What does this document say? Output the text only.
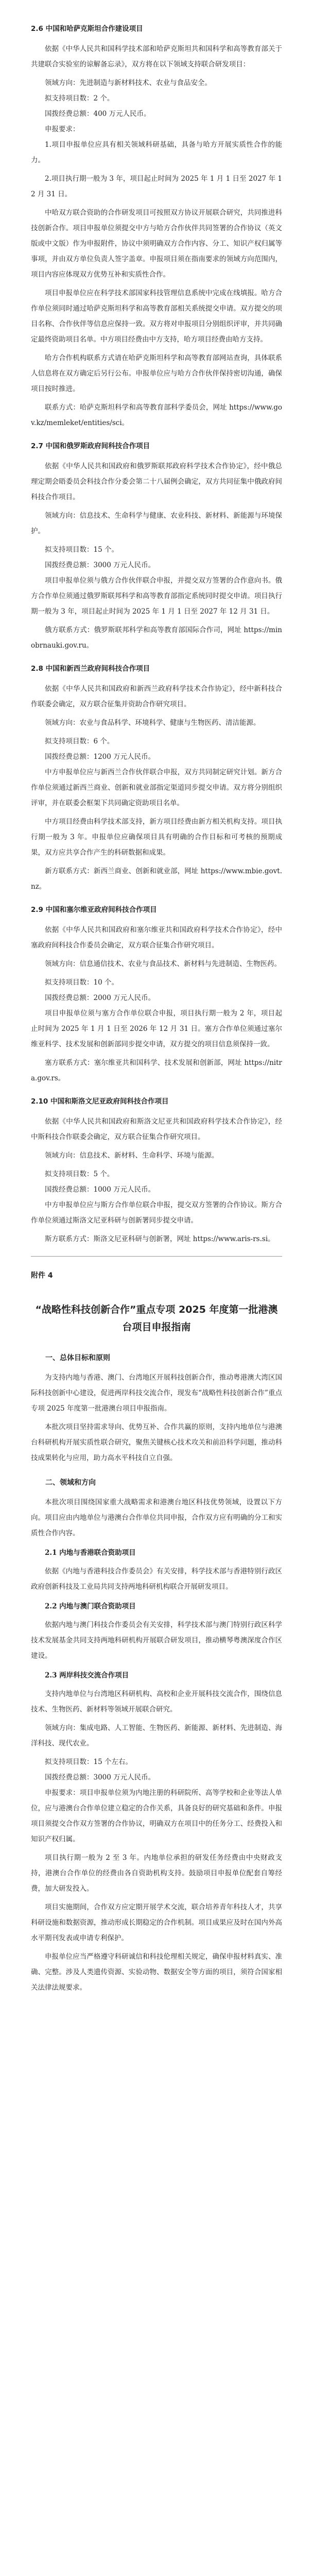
2.6 中国和哈萨克斯坦合作建设项目

依据《中华人民共和国科学技术部和哈萨克斯坦共和国科学和高等教育部关于共建联合实验室的谅解备忘录》，双方将在以下领域支持联合研发项目：

领域方向：先进制造与新材料技术、农业与食品安全。

拟支持项目数：2 个。

国拨经费总额：400 万元人民币。

申报要求：

1.项目申报单位应具有相关领域科研基础，具备与哈方开展实质性合作的能力。

2.项目执行期一般为 3 年，项目起止时间为 2025 年 1 月 1 日至 2027 年 12 月 31 日。

中哈双方联合资助的合作研发项目可按照双方协议开展联合研究，共同推进科技创新合作。项目申报单位须提交中方与哈方合作伙伴共同签署的合作协议（英文版或中文版）作为申报附件，协议中须明确双方合作内容、分工、知识产权归属等事项，并由双方单位负责人签字盖章。申报项目须在指南要求的领域方向范围内，项目内容应体现双方优势互补和实质性合作。

项目申报单位应在科学技术部国家科技管理信息系统中完成在线填报。哈方合作单位须同时通过哈萨克斯坦科学和高等教育部相关系统提交申请。双方提交的项目名称、合作伙伴等信息应保持一致。双方将对申报项目分别组织评审，并共同确定最终资助项目名单。中方项目经费由中方支持，哈方项目经费由哈方支持。

哈方合作机构联系方式请在哈萨克斯坦科学和高等教育部网站查询，具体联系人信息将在双方确定后另行公布。申报单位应与哈方合作伙伴保持密切沟通，确保项目按时推进。

联系方式：哈萨克斯坦科学和高等教育部科学委员会，网址 https://www.gov.kz/memleket/entities/sci。

2.7 中国和俄罗斯政府间科技合作项目

依据《中华人民共和国政府和俄罗斯联邦政府科学技术合作协定》，经中俄总理定期会晤委员会科技合作分委会第二十八届例会确定，双方共同征集中俄政府间科技合作项目。

领域方向：信息技术、生命科学与健康、农业科技、新材料、新能源与环境保护。

拟支持项目数：15 个。

国拨经费总额：3000 万元人民币。

项目申报单位须与俄方合作伙伴联合申报，并提交双方签署的合作意向书。俄方合作单位须通过俄罗斯联邦科学和高等教育部指定系统同时提交申请。项目执行期一般为 3 年，项目起止时间为 2025 年 1 月 1 日至 2027 年 12 月 31 日。

俄方联系方式：俄罗斯联邦科学和高等教育部国际合作司，网址 https://minobrnauki.gov.ru。

2.8 中国和新西兰政府间科技合作项目

依据《中华人民共和国政府和新西兰政府科学技术合作协定》，经中新科技合作联委会确定，双方联合征集并资助合作研究项目。

领域方向：农业与食品科学、环境科学、健康与生物医药、清洁能源。

拟支持项目数：6 个。

国拨经费总额：1200 万元人民币。

中方申报单位应与新西兰合作伙伴联合申报，双方共同制定研究计划。新方合作单位须通过新西兰商业、创新和就业部指定渠道同步提交申请。双方将分别组织评审，并在联委会框架下共同确定资助项目名单。

中方项目经费由科学技术部支持，新方项目经费由新方相关机构支持。项目执行期一般为 3 年。申报单位应确保项目具有明确的合作目标和可考核的预期成果，双方应共享合作产生的科研数据和成果。

新方联系方式：新西兰商业、创新和就业部，网址 https://www.mbie.govt.nz。

2.9 中国和塞尔维亚政府间科技合作项目

依据《中华人民共和国政府和塞尔维亚共和国政府科学技术合作协定》，经中塞政府间科技合作委员会确定，双方联合征集合作研究项目。

领域方向：信息通信技术、农业与食品技术、新材料与先进制造、生物医药。

拟支持项目数：10 个。

国拨经费总额：2000 万元人民币。

项目申报单位须与塞方合作单位联合申报，项目执行期一般为 2 年，项目起止时间为 2025 年 1 月 1 日至 2026 年 12 月 31 日。塞方合作单位须通过塞尔维亚科学、技术发展和创新部同步提交申请，双方提交的项目信息须保持一致。

塞方联系方式：塞尔维亚共和国科学、技术发展和创新部，网址 https://nitra.gov.rs。

2.10 中国和斯洛文尼亚政府间科技合作项目

依据《中华人民共和国政府和斯洛文尼亚共和国政府科学技术合作协定》，经中斯科技合作联委会确定，双方联合征集合作研究项目。

领域方向：信息技术、新材料、生命科学、环境与能源。

拟支持项目数：5 个。

国拨经费总额：1000 万元人民币。

中方申报单位应与斯方合作单位联合申报，提交双方签署的合作协议。斯方合作单位须通过斯洛文尼亚科研与创新署同步提交申请。

斯方联系方式：斯洛文尼亚科研与创新署，网址 https://www.aris-rs.si。

附件 4
“战略性科技创新合作”重点专项 2025 年度第一批港澳台项目申报指南
一、总体目标和原则

为支持内地与香港、澳门、台湾地区开展科技创新合作，推动粤港澳大湾区国际科技创新中心建设，促进两岸科技交流合作，现发布“战略性科技创新合作”重点专项 2025 年度第一批港澳台项目申报指南。

本批次项目坚持需求导向、优势互补、合作共赢的原则，支持内地单位与港澳台科研机构开展实质性联合研究，聚焦关键核心技术攻关和前沿科学问题，推动科技成果转化与应用，助力高水平科技自立自强。

二、领域和方向

本批次项目围绕国家重大战略需求和港澳台地区科技优势领域，设置以下方向。项目应由内地单位与港澳台合作单位共同申报，合作双方应有明确的分工和实质性合作内容。

2.1 内地与香港联合资助项目

依据《内地与香港科技合作委员会》有关安排，科学技术部与香港特别行政区政府创新科技及工业局共同支持两地科研机构联合开展研发项目。

2.2 内地与澳门联合资助项目

依据内地与澳门科技合作委员会有关安排，科学技术部与澳门特别行政区科学技术发展基金共同支持两地科研机构开展联合研发项目，推动横琴粤澳深度合作区建设。

2.3 两岸科技交流合作项目

支持内地单位与台湾地区科研机构、高校和企业开展科技交流合作，围绕信息技术、生物医药、新材料等领域开展联合研究。

领域方向：集成电路、人工智能、生物医药、新能源、新材料、先进制造、海洋科技、现代农业。

拟支持项目数：15 个左右。

国拨经费总额：3000 万元人民币。

申报要求：项目申报单位须为内地注册的科研院所、高等学校和企业等法人单位，应与港澳台合作单位建立稳定的合作关系，具备良好的研究基础和条件。申报项目须提交合作双方签署的合作协议，明确双方在项目中的任务分工、经费投入和知识产权归属。

项目执行期一般为 2 至 3 年。内地单位承担的研发任务经费由中央财政支持，港澳台合作单位的经费由各自资助机构支持。鼓励项目申报单位配套自筹经费，加大研发投入。

项目实施期间，合作双方应定期开展学术交流，联合培养青年科技人才，共享科研设施和数据资源，推动形成长期稳定的合作机制。项目成果应及时在国内外高水平期刊发表或申请专利保护。

申报单位应当严格遵守科研诚信和科技伦理相关规定，确保申报材料真实、准确、完整。涉及人类遗传资源、实验动物、数据安全等方面的项目，须符合国家相关法律法规要求。
